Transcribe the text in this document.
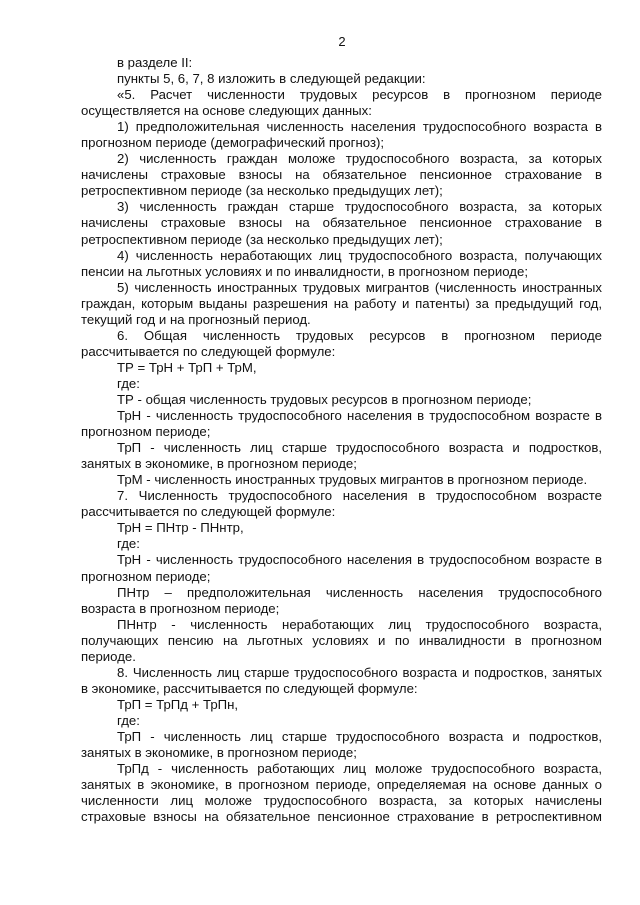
2

в разделе II:

пункты 5, 6, 7, 8 изложить в следующей редакции:

«5. Расчет численности трудовых ресурсов в прогнозном периоде осуществляется на основе следующих данных:

1) предположительная численность населения трудоспособного возраста в прогнозном периоде (демографический прогноз);

2) численность граждан моложе трудоспособного возраста, за которых начислены страховые взносы на обязательное пенсионное страхование в ретроспективном периоде (за несколько предыдущих лет);

3) численность граждан старше трудоспособного возраста, за которых начислены страховые взносы на обязательное пенсионное страхование в ретроспективном периоде (за несколько предыдущих лет);

4) численность неработающих лиц трудоспособного возраста, получающих пенсии на льготных условиях и по инвалидности, в прогнозном периоде;

5) численность иностранных трудовых мигрантов (численность иностранных граждан, которым выданы разрешения на работу и патенты) за предыдущий год, текущий год и на прогнозный период.

6. Общая численность трудовых ресурсов в прогнозном периоде рассчитывается по следующей формуле:

ТР = ТрН + ТрП + ТрМ,

где:

ТР - общая численность трудовых ресурсов в прогнозном периоде;

ТрН - численность трудоспособного населения в трудоспособном возрасте в прогнозном периоде;

ТрП - численность лиц старше трудоспособного возраста и подростков, занятых в экономике, в прогнозном периоде;

ТрМ - численность иностранных трудовых мигрантов в прогнозном периоде.

7. Численность трудоспособного населения в трудоспособном возрасте рассчитывается по следующей формуле:

ТрН = ПНтр - ПНнтр,

где:

ТрН - численность трудоспособного населения в трудоспособном возрасте в прогнозном периоде;

ПНтр – предположительная численность населения трудоспособного возраста в прогнозном периоде;

ПНнтр - численность неработающих лиц трудоспособного возраста, получающих пенсию на льготных условиях и по инвалидности в прогнозном периоде.

8. Численность лиц старше трудоспособного возраста и подростков, занятых в экономике, рассчитывается по следующей формуле:

ТрП = ТрПд + ТрПн,

где:

ТрП - численность лиц старше трудоспособного возраста и подростков, занятых в экономике, в прогнозном периоде;

ТрПд - численность работающих лиц моложе трудоспособного возраста, занятых в экономике, в прогнозном периоде, определяемая на основе данных о численности лиц моложе трудоспособного возраста, за которых начислены страховые взносы на обязательное пенсионное страхование в ретроспективном
